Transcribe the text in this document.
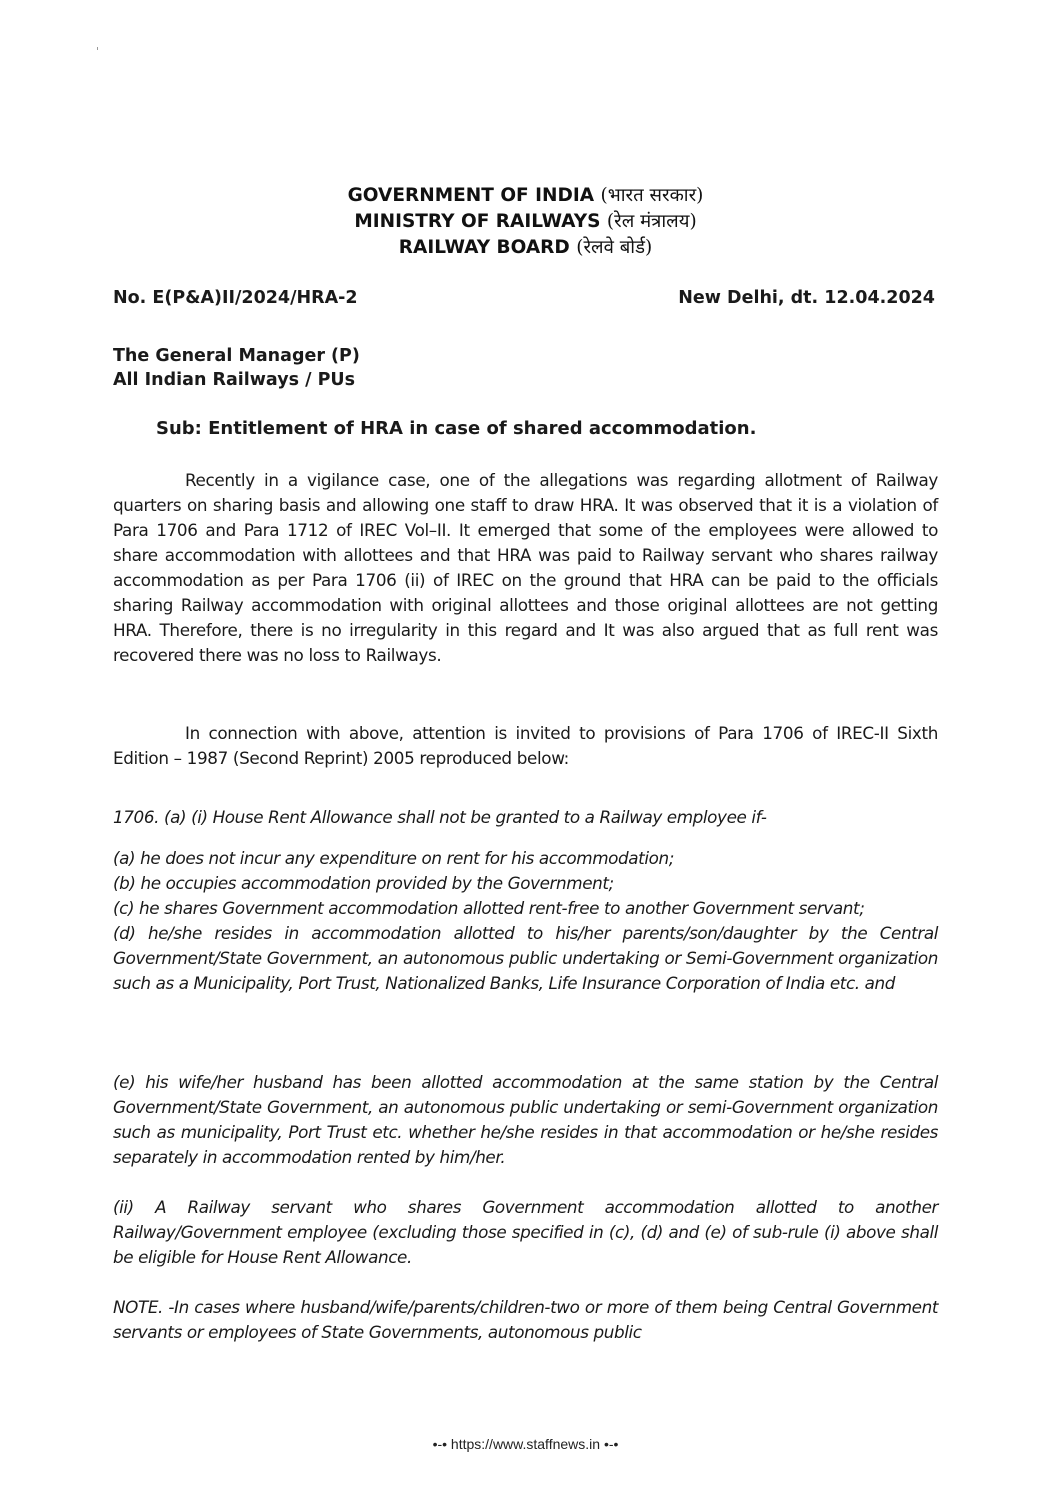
GOVERNMENT OF INDIA (भारत सरकार)
MINISTRY OF RAILWAYS (रेल मंत्रालय)
RAILWAY BOARD (रेलवे बोर्ड)
No. E(P&A)II/2024/HRA-2	New Delhi, dt. 12.04.2024
The General Manager (P)
All Indian Railways / PUs
Sub: Entitlement of HRA in case of shared accommodation.
Recently in a vigilance case, one of the allegations was regarding allotment of Railway quarters on sharing basis and allowing one staff to draw HRA. It was observed that it is a violation of Para 1706 and Para 1712 of IREC Vol–II. It emerged that some of the employees were allowed to share accommodation with allottees and that HRA was paid to Railway servant who shares railway accommodation as per Para 1706 (ii) of IREC on the ground that HRA can be paid to the officials sharing Railway accommodation with original allottees and those original allottees are not getting HRA. Therefore, there is no irregularity in this regard and It was also argued that as full rent was recovered there was no loss to Railways.
In connection with above, attention is invited to provisions of Para 1706 of IREC-II Sixth Edition – 1987 (Second Reprint) 2005 reproduced below:
1706. (a) (i) House Rent Allowance shall not be granted to a Railway employee if-
(a) he does not incur any expenditure on rent for his accommodation;
(b) he occupies accommodation provided by the Government;
(c) he shares Government accommodation allotted rent-free to another Government servant;
(d) he/she resides in accommodation allotted to his/her parents/son/daughter by the Central Government/State Government, an autonomous public undertaking or Semi-Government organization such as a Municipality, Port Trust, Nationalized Banks, Life Insurance Corporation of India etc. and
(e) his wife/her husband has been allotted accommodation at the same station by the Central Government/State Government, an autonomous public undertaking or semi-Government organization such as municipality, Port Trust etc. whether he/she resides in that accommodation or he/she resides separately in accommodation rented by him/her.
(ii) A Railway servant who shares Government accommodation allotted to another Railway/Government employee (excluding those specified in (c), (d) and (e) of sub-rule (i) above shall be eligible for House Rent Allowance.
NOTE. -In cases where husband/wife/parents/children-two or more of them being Central Government servants or employees of State Governments, autonomous public
•-• https://www.staffnews.in •-•
